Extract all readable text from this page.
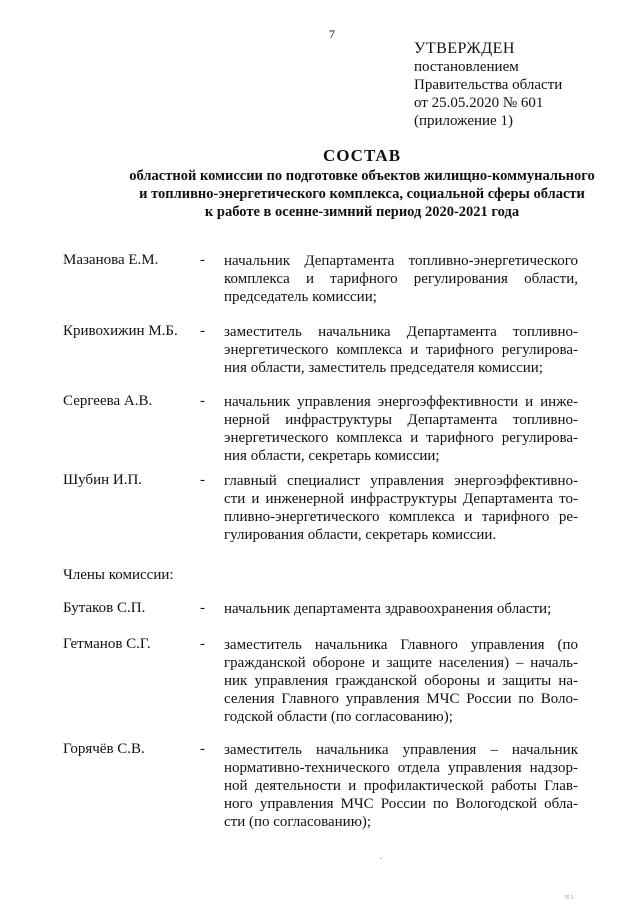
7
УТВЕРЖДЕН
постановлением
Правительства области
от 25.05.2020 № 601
(приложение 1)
СОСТАВ
областной комиссии по подготовке объектов жилищно-коммунального
и топливно-энергетического комплекса, социальной сферы области
к работе в осенне-зимний период 2020-2021 года
Мазанова Е.М.	- начальник Департамента топливно-энергетического
комплекса и тарифного регулирования области,
председатель комиссии;
Кривохижин М.Б. - заместитель начальника Департамента топливно-
энергетического комплекса и тарифного регулирова-
ния области, заместитель председателя комиссии;
Сергеева А.В.	- начальник управления энергоэффективности и инже-
нерной инфраструктуры Департамента топливно-
энергетического комплекса и тарифного регулирова-
ния области, секретарь комиссии;
Шубин И.П.	- главный специалист управления энергоэффективно-
сти и инженерной инфраструктуры Департамента то-
пливно-энергетического комплекса и тарифного ре-
гулирования области, секретарь комиссии.
Члены комиссии:
Бутаков С.П.	- начальник департамента здравоохранения области;
Гетманов С.Г.	- заместитель начальника Главного управления (по
гражданской обороне и защите населения) – началь-
ник управления гражданской обороны и защиты на-
селения Главного управления МЧС России по Воло-
годской области (по согласованию);
Горячёв С.В.	- заместитель начальника управления – начальник
нормативно-технического отдела управления надзор-
ной деятельности и профилактической работы Глав-
ного управления МЧС России по Вологодской обла-
сти (по согласованию);
.
ч ı
